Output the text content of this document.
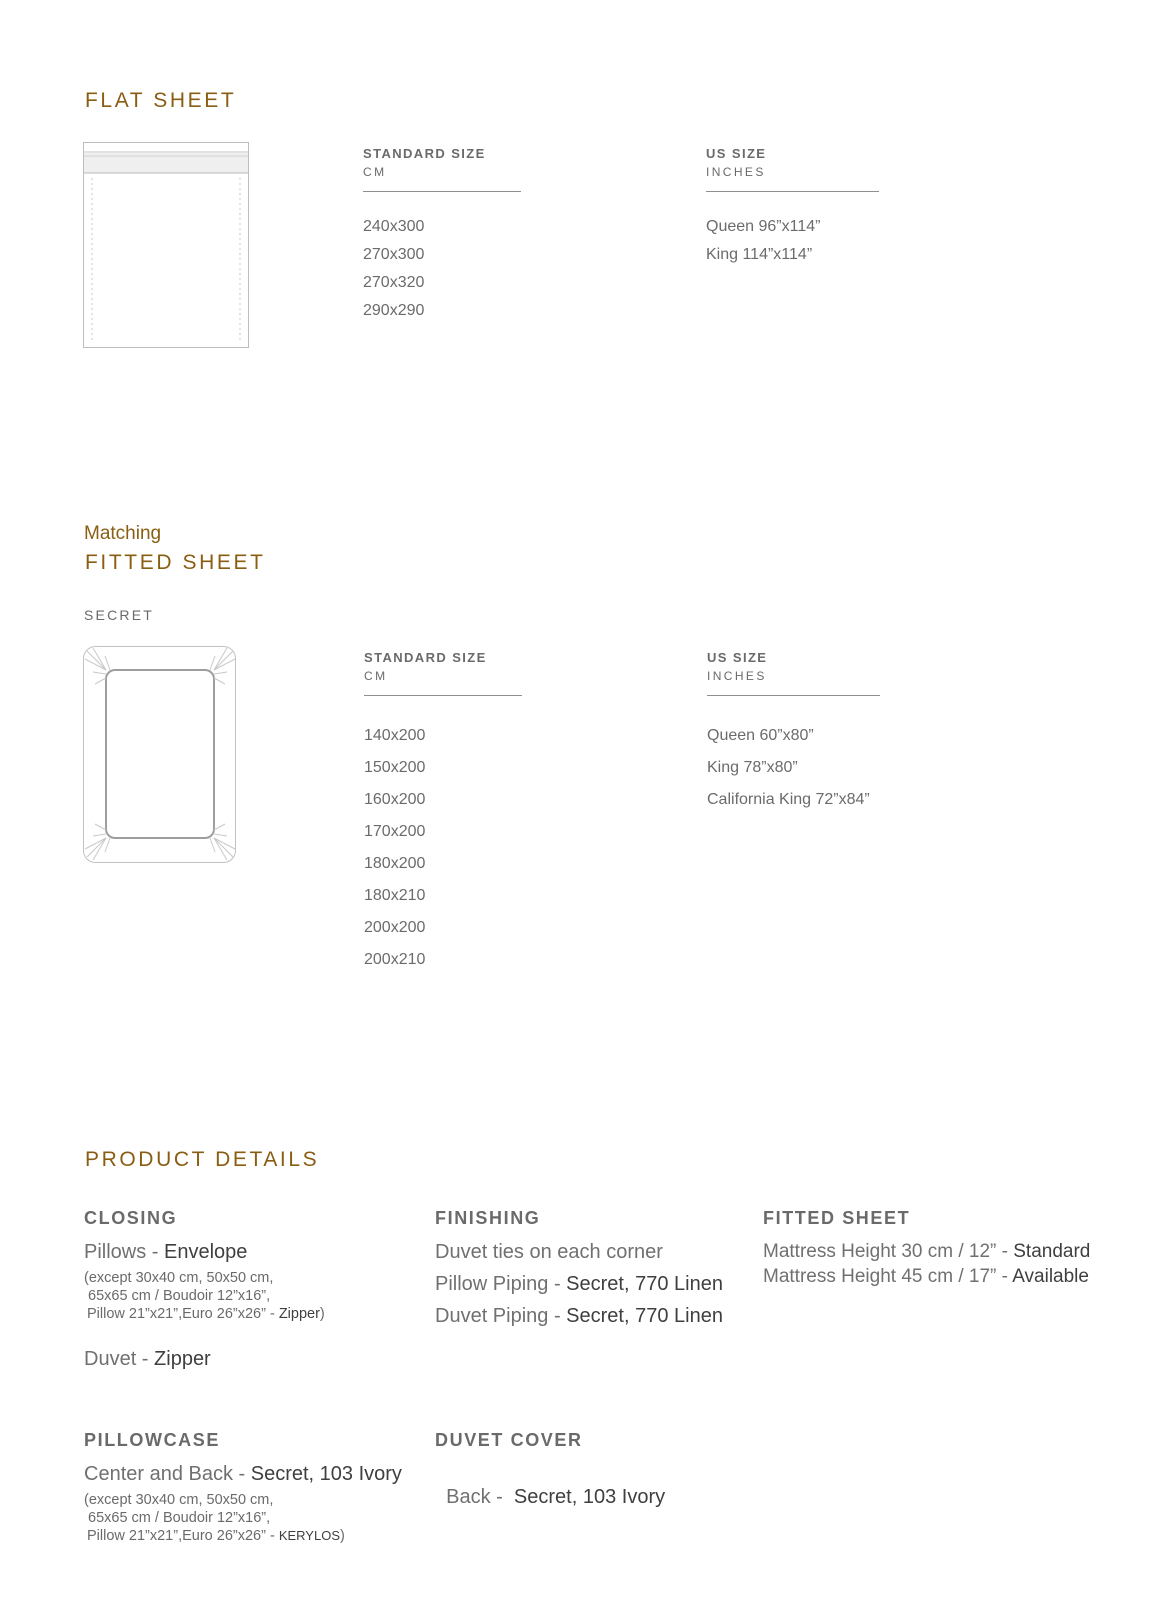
FLAT SHEET
STANDARD SIZE
CM
240x300
270x300
270x320
290x290
US SIZE
INCHES
Queen 96”x114”
King 114”x114”
Matching
FITTED SHEET
SECRET
STANDARD SIZE
CM
140x200
150x200
160x200
170x200
180x200
180x210
200x200
200x210
US SIZE
INCHES
Queen 60”x80”
King 78”x80”
California King 72”x84”
PRODUCT DETAILS
CLOSING
Pillows - Envelope
(except 30x40 cm, 50x50 cm,
65x65 cm / Boudoir 12”x16”,
Pillow 21”x21”,Euro 26”x26” - Zipper)
Duvet - Zipper
FINISHING
Duvet ties on each corner
Pillow Piping - Secret, 770 Linen
Duvet Piping - Secret, 770 Linen
FITTED SHEET
Mattress Height 30 cm / 12” - Standard
Mattress Height 45 cm / 17” - Available
PILLOWCASE
Center and Back - Secret, 103 Ivory
(except 30x40 cm, 50x50 cm,
65x65 cm / Boudoir 12”x16”,
Pillow 21”x21”,Euro 26”x26” - KERYLOS)
DUVET COVER

Back -  Secret, 103 Ivory
